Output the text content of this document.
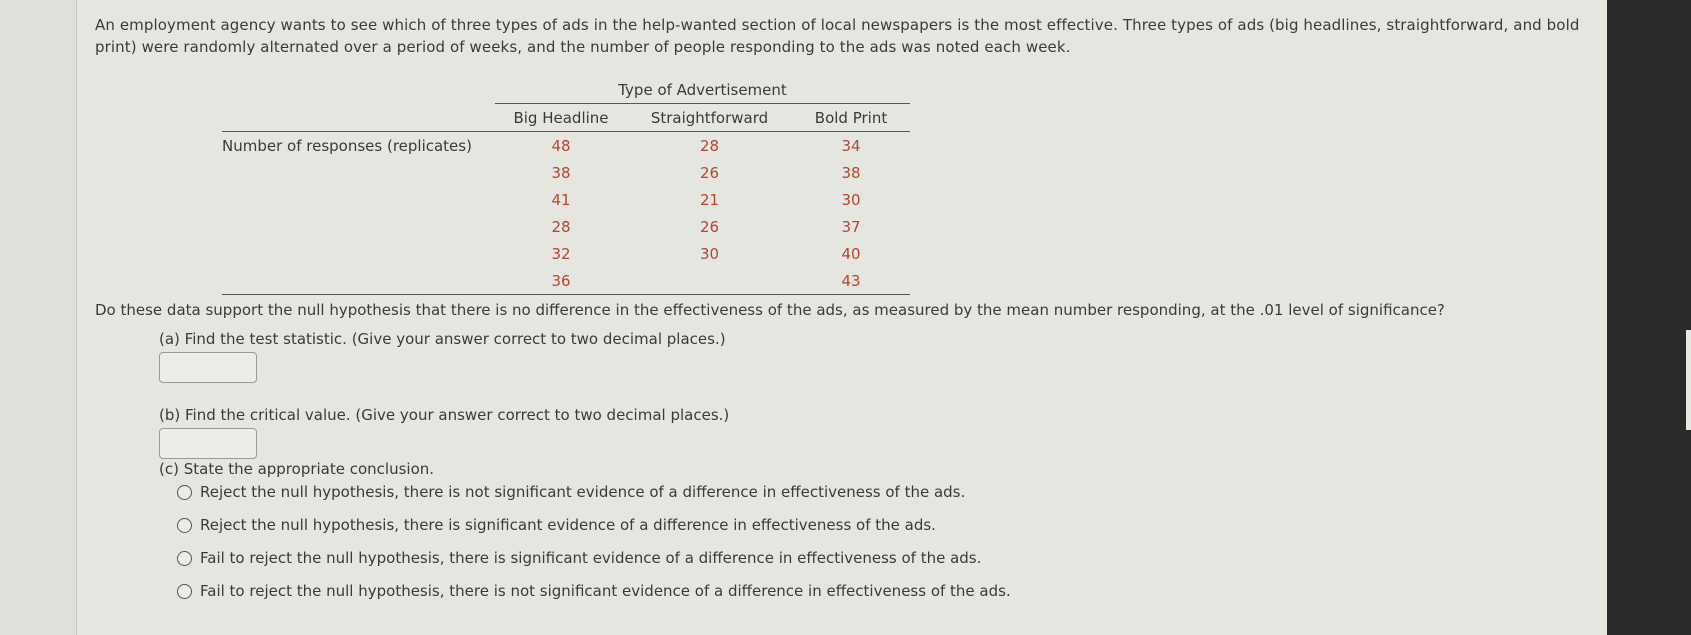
An employment agency wants to see which of three types of ads in the help-wanted section of local newspapers is the most effective. Three types of ads (big headlines, straightforward, and bold print) were randomly alternated over a period of weeks, and the number of people responding to the ads was noted each week.
	Type of Advertisement		
	Big Headline	Straightforward	Bold Print
Number of responses (replicates)	48	28	34
	38	26	38
	41	21	30
	28	26	37
	32	30	40
	36		43
Do these data support the null hypothesis that there is no difference in the effectiveness of the ads, as measured by the mean number responding, at the .01 level of significance?
(a) Find the test statistic. (Give your answer correct to two decimal places.)
(b) Find the critical value. (Give your answer correct to two decimal places.)
(c) State the appropriate conclusion.
Reject the null hypothesis, there is not significant evidence of a difference in effectiveness of the ads.
Reject the null hypothesis, there is significant evidence of a difference in effectiveness of the ads.
Fail to reject the null hypothesis, there is significant evidence of a difference in effectiveness of the ads.
Fail to reject the null hypothesis, there is not significant evidence of a difference in effectiveness of the ads.
